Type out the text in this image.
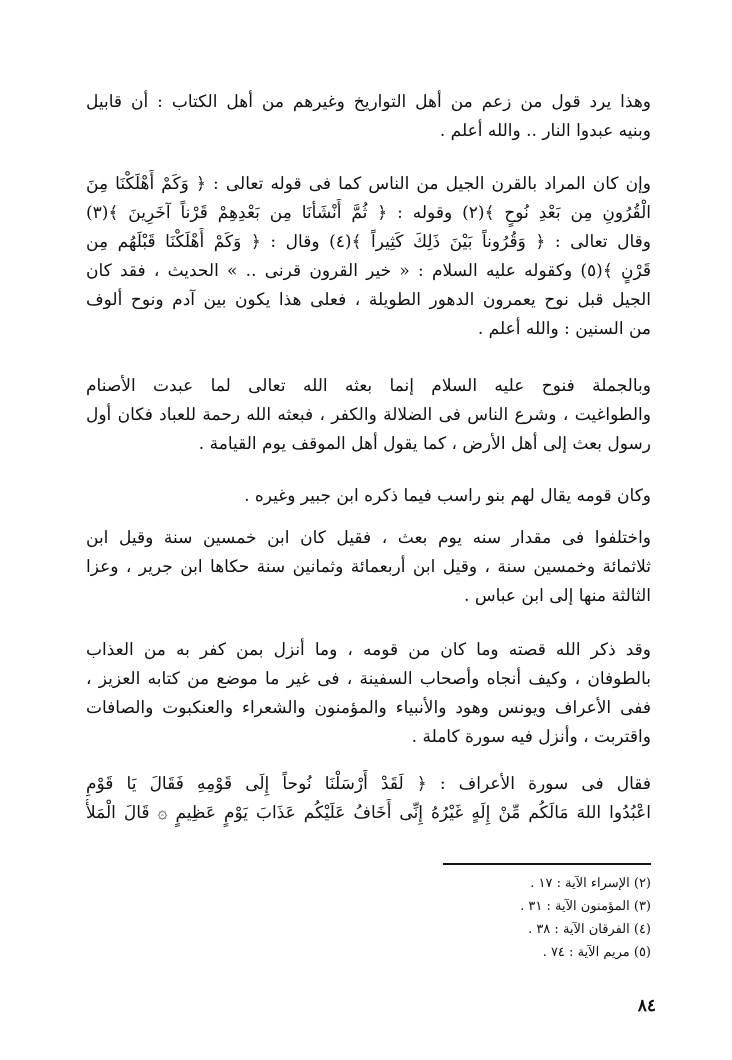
وهذا يرد قول من زعم من أهل التواريخ وغيرهم من أهل الكتاب : أن قابيل
وبنيه عبدوا النار .. والله أعلم .

وإن كان المراد بالقرن الجيل من الناس كما فى قوله تعالى : ﴿ وَكَمْ أَهْلَكْنَا مِنَ
الْقُرُونِ مِن بَعْدِ نُوحٍ ﴾(٢) وقوله : ﴿ ثُمَّ أَنْشَأْنَا مِن بَعْدِهِمْ قَرْناً آخَرِينَ ﴾(٣)
وقال تعالى : ﴿ وَقُرُوناً بَيْنَ ذَلِكَ كَثِيراً ﴾(٤) وقال : ﴿ وَكَمْ أَهْلَكْنَا قَبْلَهُم مِن
قَرْنٍ ﴾(٥) وكقوله عليه السلام : « خير القرون قرنى .. » الحديث ، فقد كان
الجيل قبل نوح يعمرون الدهور الطويلة ، فعلى هذا يكون بين آدم ونوح ألوف
من السنين : والله أعلم .

وبالجملة فنوح عليه السلام إنما بعثه الله تعالى لما عبدت الأصنام
والطواغيت ، وشرع الناس فى الضلالة والكفر ، فبعثه الله رحمة للعباد فكان أول
رسول بعث إلى أهل الأرض ، كما يقول أهل الموقف يوم القيامة .

وكان قومه يقال لهم بنو راسب فيما ذكره ابن جبير وغيره .

واختلفوا فى مقدار سنه يوم بعث ، فقيل كان ابن خمسين سنة وقيل ابن
ثلاثمائة وخمسين سنة ، وقيل ابن أربعمائة وثمانين سنة حكاها ابن جرير ، وعزا
الثالثة منها إلى ابن عباس .

وقد ذكر الله قصته وما كان من قومه ، وما أنزل بمن كفر به من العذاب
بالطوفان ، وكيف أنجاه وأصحاب السفينة ، فى غير ما موضع من كتابه العزيز ،
ففى الأعراف ويونس وهود والأنبياء والمؤمنون والشعراء والعنكبوت والصافات
واقتربت ، وأنزل فيه سورة كاملة .

فقال فى سورة الأعراف : ﴿ لَقَدْ أَرْسَلْنَا نُوحاً إِلَى قَوْمِهِ فَقَالَ يَا قَوْمِ
اعْبُدُوا اللهَ مَالَكُم مِّنْ إِلَهٍ غَيْرُهُ إِنِّى أَخَافُ عَلَيْكُم عَذَابَ يَوْمٍ عَظِيمٍ ۞ قَالَ الْمَلأُ

(٢) الإسراء الآية : ١٧ .
(٣) المؤمنون الآية : ٣١ .
(٤) الفرقان الآية : ٣٨ .
(٥) مريم الآية : ٧٤ .
٨٤
